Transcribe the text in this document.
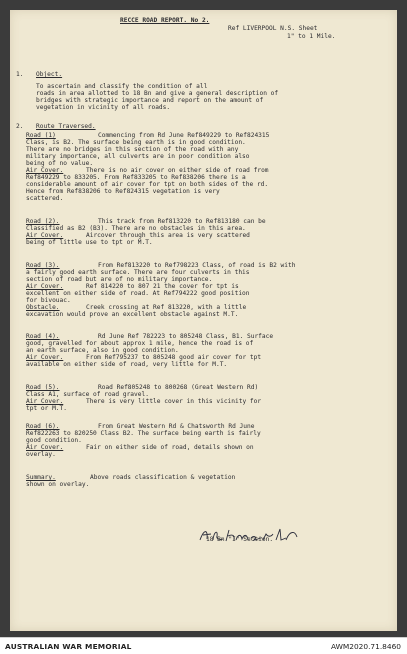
RECCE ROAD REPORT. No 2.
Ref LIVERPOOL N.S. Sheet
1" to 1 Mile.
1. Object.
To ascertain and classify the condition of all
roads in area allotted to 18 Bn and give a general description of
bridges with strategic importance and report on the amount of
vegetation in vicinity of all roads.
2. Route Traversed.
Road (1)	Commencing from Rd June Ref849229 to Ref824315
Class, is B2. The surface being earth is in good condition.
There are no bridges in this section of the road with any
military importance, all culverts are in poor condition also
being of no value.
Air Cover.	There is no air cover on either side of road from
Ref849229 to 833205. From Ref833205 to Ref838206 there is a
considerable amount of air cover for tpt on both sides of the rd.
Hence from Ref838206 to Ref824315 vegetation is very
scattered.
Road (2).	This track from Ref813220 to Ref813180 can be
Classified as B2 (B3). There are no obstacles in this area.
Air Cover.	Aircover through this area is very scattered
being of little use to tpt or M.T.
Road (3).	From Ref813220 to Ref798223 Class, of road is B2 with
a fairly good earth surface. There are four culverts in this
section of road but are of no military importance.
Air Cover.	Ref 814220 to 807 21 the cover for tpt is
excellent on either side of road. At Ref794222 good position
for bivouac.
Obstacle.	Creek crossing at Ref 813220, with a little
excavation would prove an excellent obstacle against M.T.
Road (4).	Rd June Ref 782223 to 805248 Class, B1. Surface
good, gravelled for about approx 1 mile, hence the road is of
an earth surface, also in good condition.
Air Cover.	From Ref795237 to 805248 good air cover for tpt
available on either side of road, very little for M.T.
Road (5).	Road Ref805248 to 800268 (Great Western Rd)
Class A1, surface of road gravel.
Air Cover.	There is very little cover in this vicinity for
tpt or M.T.
Road (6).	From Great Western Rd & Chatsworth Rd June
Ref822263 to 820250 Class B2. The surface being earth is fairly
good condition.
Air Cover.	Fair on either side of road, details shown on
overlay.
Summary.	Above roads classification & vegetation
shown on overlay.
18 Bn "I" Section.
AUSTRALIAN WAR MEMORIAL	AWM2020.71.8460
